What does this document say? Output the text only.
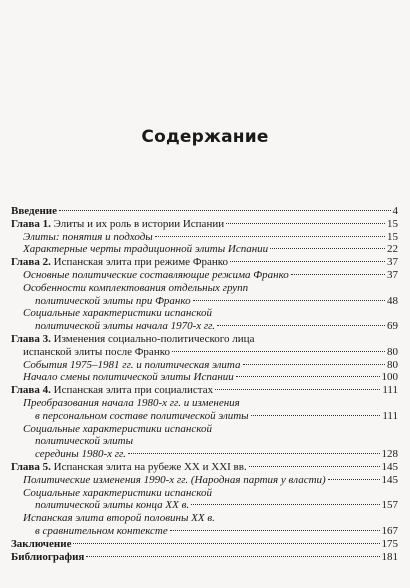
Содержание
Введение	4
Глава 1. Элиты и их роль в истории Испании	15
Элиты: понятия и подходы	15
Характерные черты традиционной элиты Испании	22
Глава 2. Испанская элита при режиме Франко	37
Основные политические составляющие режима Франко	37
Особенности комплектования отдельных групп
политической элиты при Франко	48
Социальные характеристики испанской
политической элиты начала 1970-х гг.	69
Глава 3. Изменения социально-политического лица
испанской элиты после Франко	80
События 1975–1981 гг. и политическая элита	80
Начало смены политической элиты Испании	100
Глава 4. Испанская элита при социалистах	111
Преобразования начала 1980-х гг. и изменения
в персональном составе политической элиты	111
Социальные характеристики испанской
политической элиты
середины 1980-х гг.	128
Глава 5. Испанская элита на рубеже XX и XXI вв.	145
Политические изменения 1990-х гг. (Народная партия у власти)	145
Социальные характеристики испанской
политической элиты конца XX в.	157
Испанская элита второй половины XX в.
в сравнительном контексте	167
Заключение	175
Библиография	181
